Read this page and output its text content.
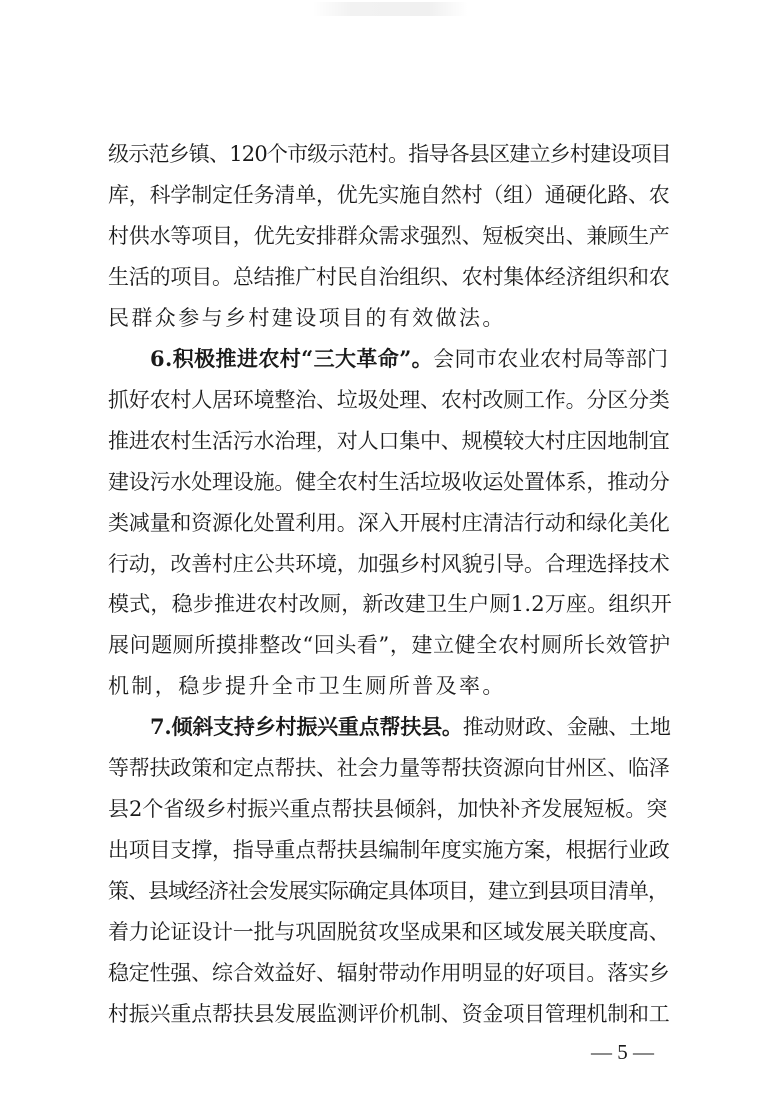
级示范乡镇、120个市级示范村。指导各县区建立乡村建设项目
库，科学制定任务清单，优先实施自然村（组）通硬化路、农
村供水等项目，优先安排群众需求强烈、短板突出、兼顾生产
生活的项目。总结推广村民自治组织、农村集体经济组织和农
民群众参与乡村建设项目的有效做法。
6.积极推进农村“三大革命”。会同市农业农村局等部门
抓好农村人居环境整治、垃圾处理、农村改厕工作。分区分类
推进农村生活污水治理，对人口集中、规模较大村庄因地制宜
建设污水处理设施。健全农村生活垃圾收运处置体系，推动分
类减量和资源化处置利用。深入开展村庄清洁行动和绿化美化
行动，改善村庄公共环境，加强乡村风貌引导。合理选择技术
模式，稳步推进农村改厕，新改建卫生户厕1.2万座。组织开
展问题厕所摸排整改“回头看”，建立健全农村厕所长效管护
机制，稳步提升全市卫生厕所普及率。
7.倾斜支持乡村振兴重点帮扶县。推动财政、金融、土地
等帮扶政策和定点帮扶、社会力量等帮扶资源向甘州区、临泽
县2个省级乡村振兴重点帮扶县倾斜，加快补齐发展短板。突
出项目支撑，指导重点帮扶县编制年度实施方案，根据行业政
策、县域经济社会发展实际确定具体项目，建立到县项目清单，
着力论证设计一批与巩固脱贫攻坚成果和区域发展关联度高、
稳定性强、综合效益好、辐射带动作用明显的好项目。落实乡
村振兴重点帮扶县发展监测评价机制、资金项目管理机制和工
— 5 —
